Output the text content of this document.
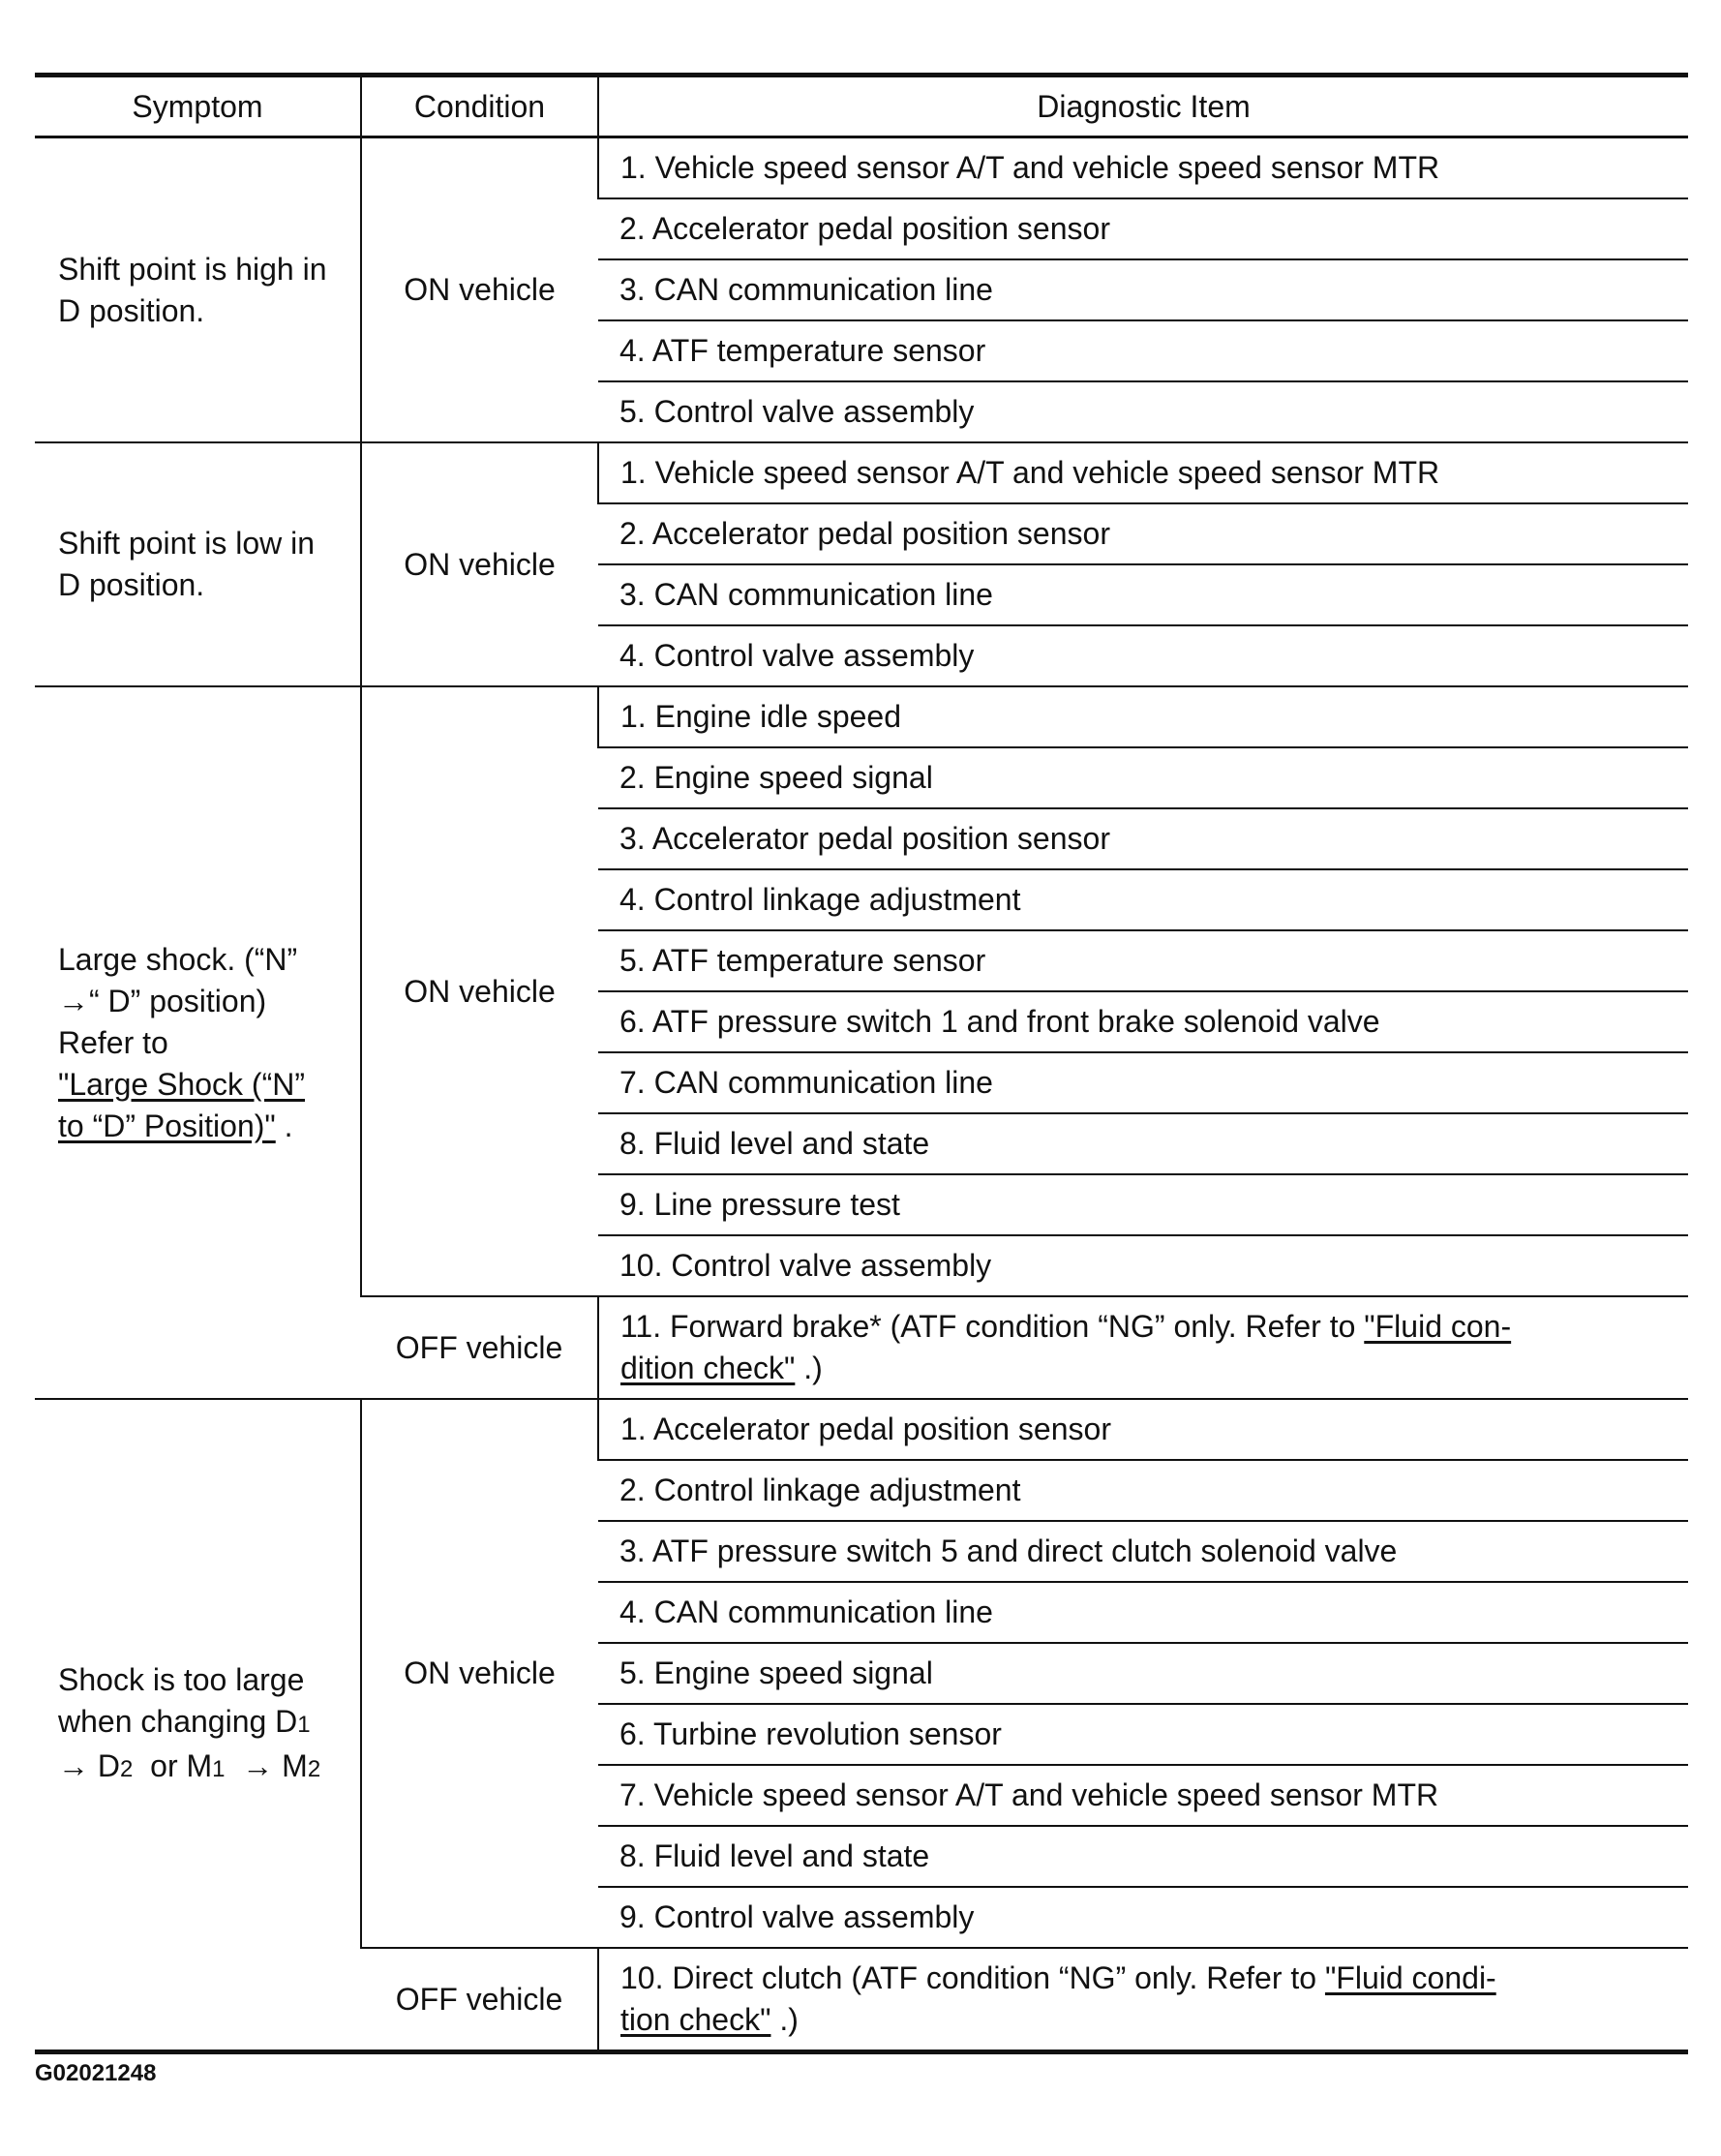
Symptom	Condition	Diagnostic Item

Shift point is high in
D position.	ON vehicle	1. Vehicle speed sensor A/T and vehicle speed sensor MTR
		2. Accelerator pedal position sensor
		3. CAN communication line
		4. ATF temperature sensor
		5. Control valve assembly

Shift point is low in
D position.	ON vehicle	1. Vehicle speed sensor A/T and vehicle speed sensor MTR
		2. Accelerator pedal position sensor
		3. CAN communication line
		4. Control valve assembly

Large shock. (“N”
→“ D” position)
Refer to
"Large Shock (“N”
to “D” Position)" .	ON vehicle	1. Engine idle speed
		2. Engine speed signal
		3. Accelerator pedal position sensor
		4. Control linkage adjustment
		5. ATF temperature sensor
		6. ATF pressure switch 1 and front brake solenoid valve
		7. CAN communication line
		8. Fluid level and state
		9. Line pressure test
		10. Control valve assembly
	OFF vehicle	11. Forward brake* (ATF condition “NG” only. Refer to "Fluid con-
dition check" .)

Shock is too large
when changing D1
→ D2  or M1  → M2	ON vehicle	1. Accelerator pedal position sensor
		2. Control linkage adjustment
		3. ATF pressure switch 5 and direct clutch solenoid valve
		4. CAN communication line
		5. Engine speed signal
		6. Turbine revolution sensor
		7. Vehicle speed sensor A/T and vehicle speed sensor MTR
		8. Fluid level and state
		9. Control valve assembly
	OFF vehicle	10. Direct clutch (ATF condition “NG” only. Refer to "Fluid condi-
tion check" .)
G02021248
